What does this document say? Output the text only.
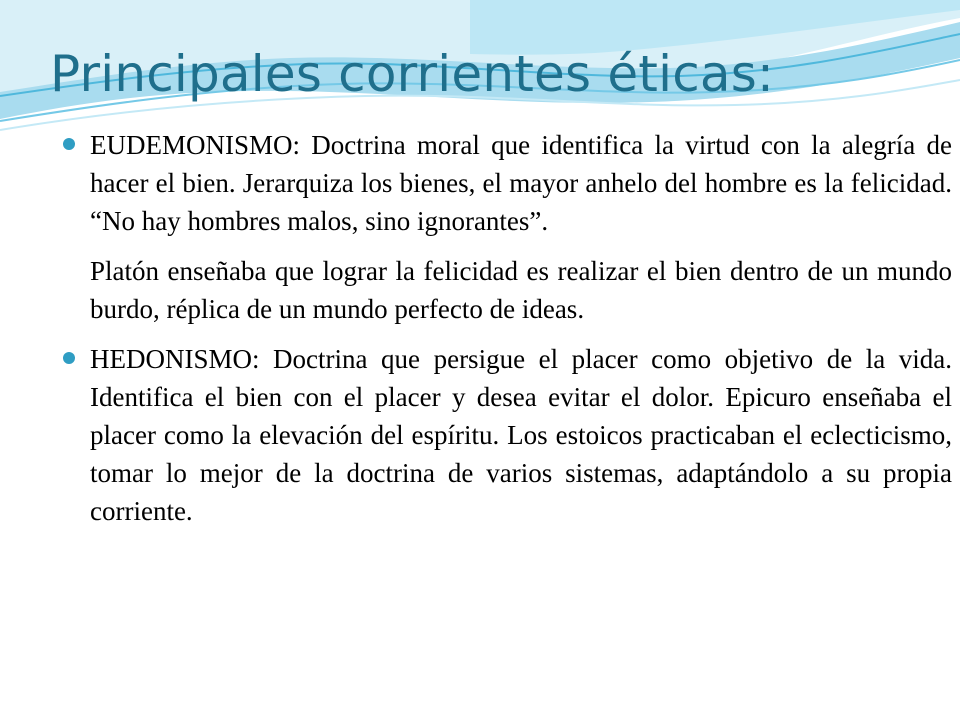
Principales corrientes éticas:

EUDEMONISMO: Doctrina moral que identifica la virtud con la alegría de hacer el bien. Jerarquiza los bienes, el mayor anhelo del hombre es la felicidad. “No hay hombres malos, sino ignorantes”.

Platón enseñaba que lograr la felicidad es realizar el bien dentro de un mundo burdo, réplica de un mundo perfecto de ideas.

HEDONISMO: Doctrina que persigue el placer como objetivo de la vida. Identifica el bien con el placer y desea evitar el dolor. Epicuro enseñaba el placer como la elevación del espíritu. Los estoicos practicaban el eclecticismo, tomar lo mejor de la doctrina de varios sistemas, adaptándolo a su propia corriente.
